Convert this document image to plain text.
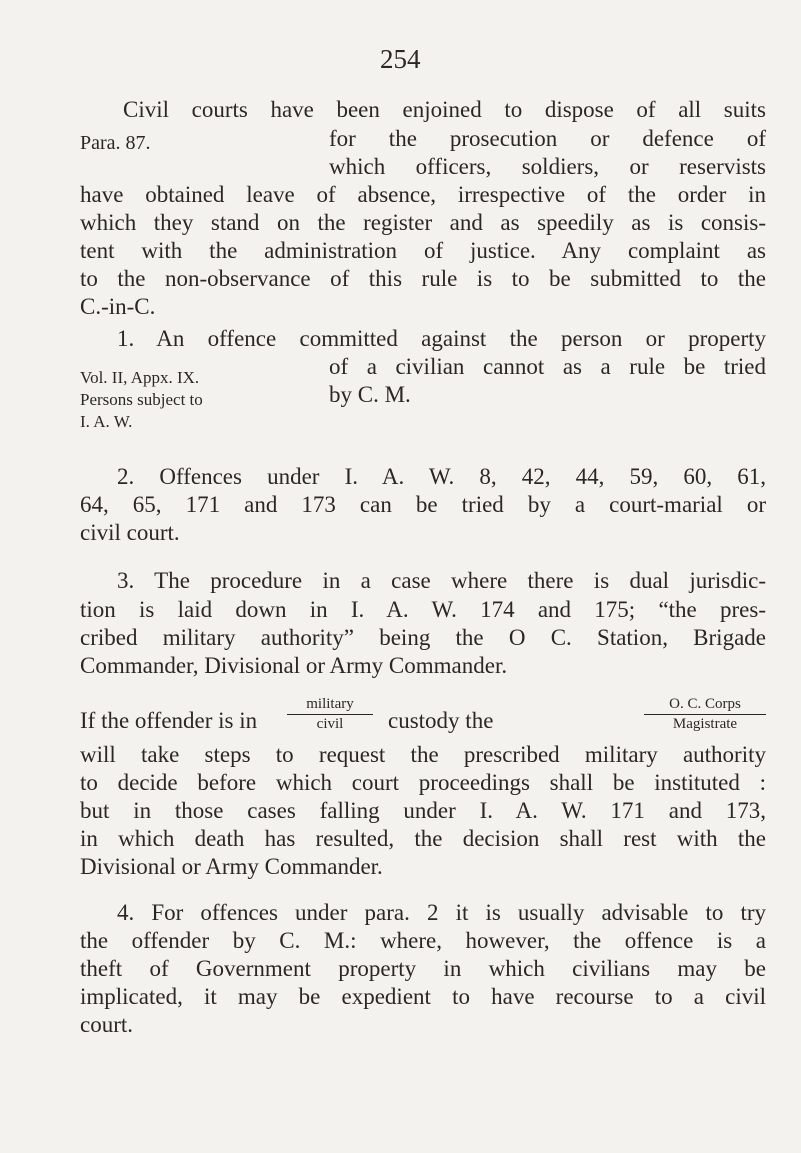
254
Civil courts have been enjoined to dispose of all suits
Para. 87.	for the prosecution or defence of
which officers, soldiers, or reservists
have obtained leave of absence, irrespective of the order in
which they stand on the register and as speedily as is consis-
tent with the administration of justice. Any complaint as
to the non-observance of this rule is to be submitted to the
C.-in-C.
1. An offence committed against the person or property
of a civilian cannot as a rule be tried
by C. M.
Vol. II, Appx. IX.
Persons subject to
I. A. W.
2. Offences under I. A. W. 8, 42, 44, 59, 60, 61,
64, 65, 171 and 173 can be tried by a court-marial or
civil court.
3. The procedure in a case where there is dual jurisdic-
tion is laid down in I. A. W. 174 and 175; “the pres-
cribed military authority” being the O C. Station, Brigade
Commander, Divisional or Army Commander.
If the offender is in
military
civil	custody the
O. C. Corps
Magistrate
will take steps to request the prescribed military authority
to decide before which court proceedings shall be instituted :
but in those cases falling under I. A. W. 171 and 173,
in which death has resulted, the decision shall rest with the
Divisional or Army Commander.
4. For offences under para. 2 it is usually advisable to try
the offender by C. M.: where, however, the offence is a
theft of Government property in which civilians may be
implicated, it may be expedient to have recourse to a civil
court.
